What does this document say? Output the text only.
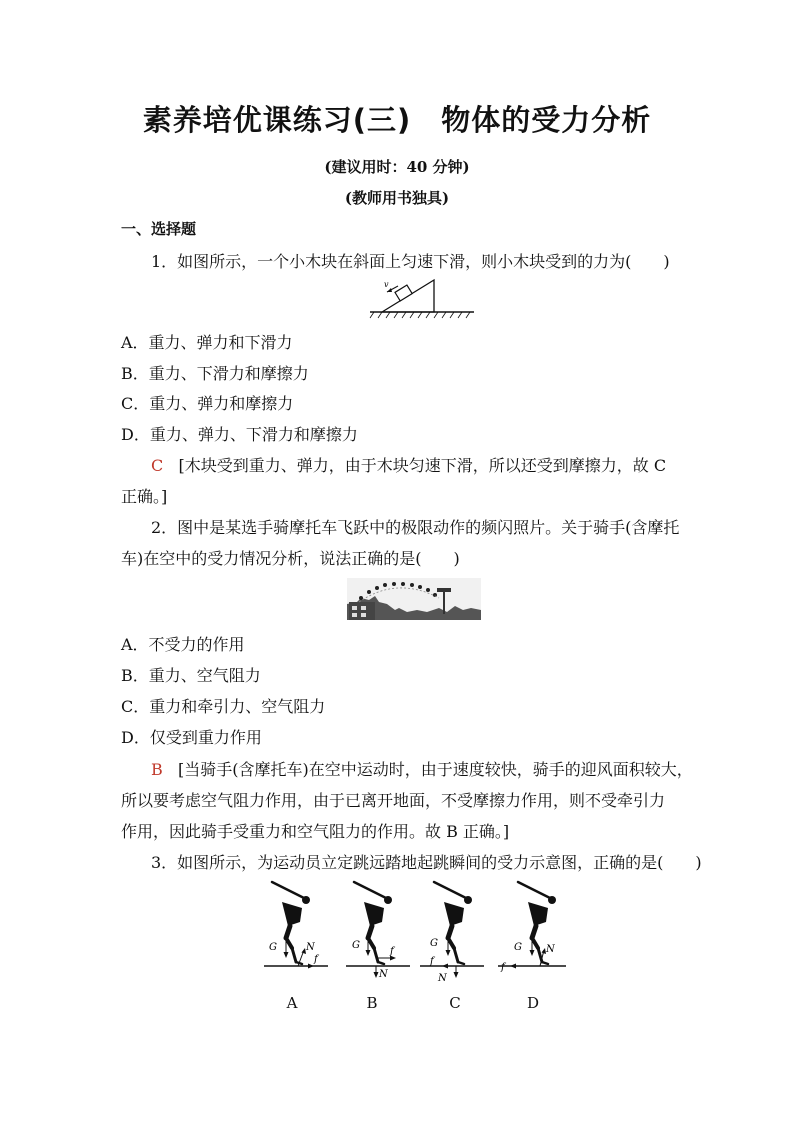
素养培优课练习(三)　物体的受力分析
(建议用时：40 分钟)
(教师用书独具)
一、选择题
1．如图所示，一个小木块在斜面上匀速下滑，则小木块受到的力为(　　)
v
A．重力、弹力和下滑力
B．重力、下滑力和摩擦力
C．重力、弹力和摩擦力
D．重力、弹力、下滑力和摩擦力
C [木块受到重力、弹力，由于木块匀速下滑，所以还受到摩擦力，故 C
正确。]
2．图中是某选手骑摩托车飞跃中的极限动作的频闪照片。关于骑手(含摩托
车)在空中的受力情况分析，说法正确的是(　　)
A．不受力的作用
B．重力、空气阻力
C．重力和牵引力、空气阻力
D．仅受到重力作用
B [当骑手(含摩托车)在空中运动时，由于速度较快，骑手的迎风面积较大，
所以要考虑空气阻力作用，由于已离开地面，不受摩擦力作用，则不受牵引力
作用，因此骑手受重力和空气阻力的作用。故 B 正确。]
3．如图所示，为运动员立定跳远踏地起跳瞬间的受力示意图，正确的是(　　)
G	N
f
G
N
f
G
f
N
G N
f
A	B	C	D
